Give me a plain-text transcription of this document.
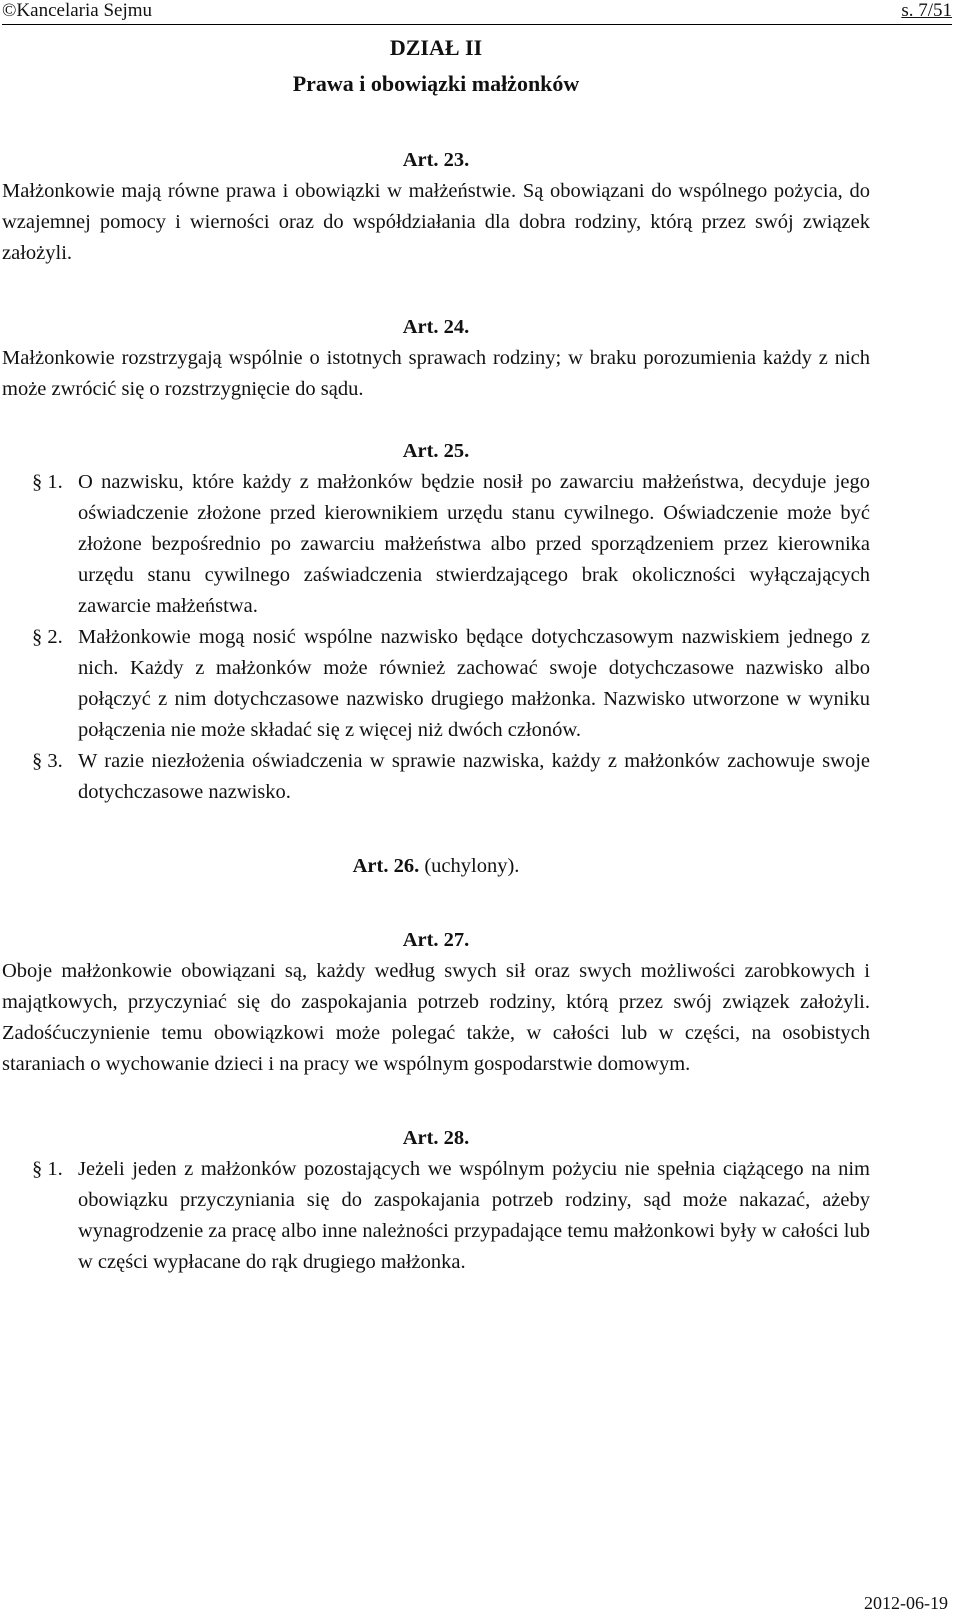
©Kancelaria Sejmu	s. 7/51
DZIAŁ II
Prawa i obowiązki małżonków
Art. 23.

Małżonkowie mają równe prawa i obowiązki w małżeństwie. Są obowiązani do wspólnego pożycia, do wzajemnej pomocy i wierności oraz do współdziałania dla dobra rodziny, którą przez swój związek założyli.

Art. 24.

Małżonkowie rozstrzygają wspólnie o istotnych sprawach rodziny; w braku porozumienia każdy z nich może zwrócić się o rozstrzygnięcie do sądu.

Art. 25.

§ 1. O nazwisku, które każdy z małżonków będzie nosił po zawarciu małżeństwa, decyduje jego oświadczenie złożone przed kierownikiem urzędu stanu cywilnego. Oświadczenie może być złożone bezpośrednio po zawarciu małżeństwa albo przed sporządzeniem przez kierownika urzędu stanu cywilnego zaświadczenia stwierdzającego brak okoliczności wyłączających zawarcie małżeństwa.

§ 2. Małżonkowie mogą nosić wspólne nazwisko będące dotychczasowym nazwiskiem jednego z nich. Każdy z małżonków może również zachować swoje dotychczasowe nazwisko albo połączyć z nim dotychczasowe nazwisko drugiego małżonka. Nazwisko utworzone w wyniku połączenia nie może składać się z więcej niż dwóch członów.

§ 3. W razie niezłożenia oświadczenia w sprawie nazwiska, każdy z małżonków zachowuje swoje dotychczasowe nazwisko.

Art. 26. (uchylony).
Art. 27.

Oboje małżonkowie obowiązani są, każdy według swych sił oraz swych możliwości zarobkowych i majątkowych, przyczyniać się do zaspokajania potrzeb rodziny, którą przez swój związek założyli. Zadośćuczynienie temu obowiązkowi może polegać także, w całości lub w części, na osobistych staraniach o wychowanie dzieci i na pracy we wspólnym gospodarstwie domowym.

Art. 28.

§ 1. Jeżeli jeden z małżonków pozostających we wspólnym pożyciu nie spełnia ciążącego na nim obowiązku przyczyniania się do zaspokajania potrzeb rodziny, sąd może nakazać, ażeby wynagrodzenie za pracę albo inne należności przypadające temu małżonkowi były w całości lub w części wypłacane do rąk drugiego małżonka.

2012-06-19
